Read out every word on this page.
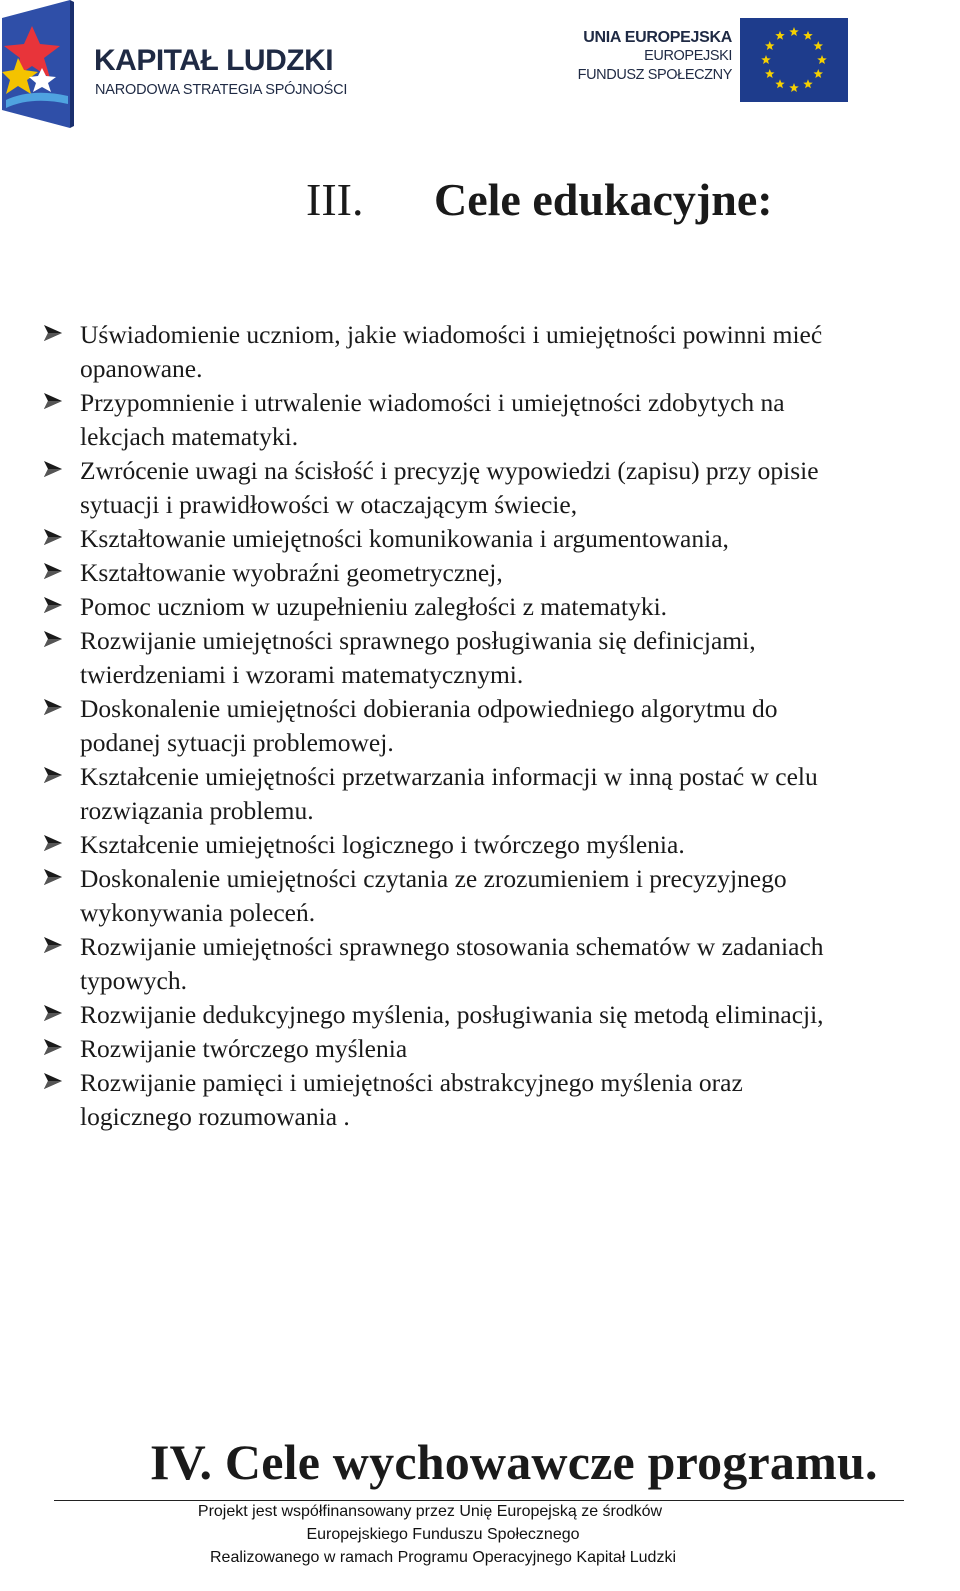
KAPITAŁ LUDZKI
NARODOWA STRATEGIA SPÓJNOŚCI
UNIA EUROPEJSKA
EUROPEJSKI
FUNDUSZ SPOŁECZNY
III. Cele edukacyjne:
Uświadomienie uczniom, jakie wiadomości i umiejętności powinni mieć
opanowane.
Przypomnienie i utrwalenie wiadomości i umiejętności zdobytych na
lekcjach matematyki.
Zwrócenie uwagi na ścisłość i precyzję wypowiedzi (zapisu) przy opisie
sytuacji i prawidłowości w otaczającym świecie,
Kształtowanie umiejętności komunikowania i argumentowania,
Kształtowanie wyobraźni geometrycznej,
Pomoc uczniom w uzupełnieniu zaległości z matematyki.
Rozwijanie umiejętności sprawnego posługiwania się definicjami,
twierdzeniami i wzorami matematycznymi.
Doskonalenie umiejętności dobierania odpowiedniego algorytmu do
podanej sytuacji problemowej.
Kształcenie umiejętności przetwarzania informacji w inną postać w celu
rozwiązania problemu.
Kształcenie umiejętności logicznego i twórczego myślenia.
Doskonalenie umiejętności czytania ze zrozumieniem i precyzyjnego
wykonywania poleceń.
Rozwijanie umiejętności sprawnego stosowania schematów w zadaniach
typowych.
Rozwijanie dedukcyjnego myślenia, posługiwania się metodą eliminacji,
Rozwijanie twórczego myślenia
Rozwijanie pamięci i umiejętności abstrakcyjnego myślenia oraz
logicznego rozumowania .
IV. Cele wychowawcze programu.
Projekt jest współfinansowany przez Unię Europejską ze środków
Europejskiego Funduszu Społecznego
Realizowanego w ramach Programu Operacyjnego Kapitał Ludzki
